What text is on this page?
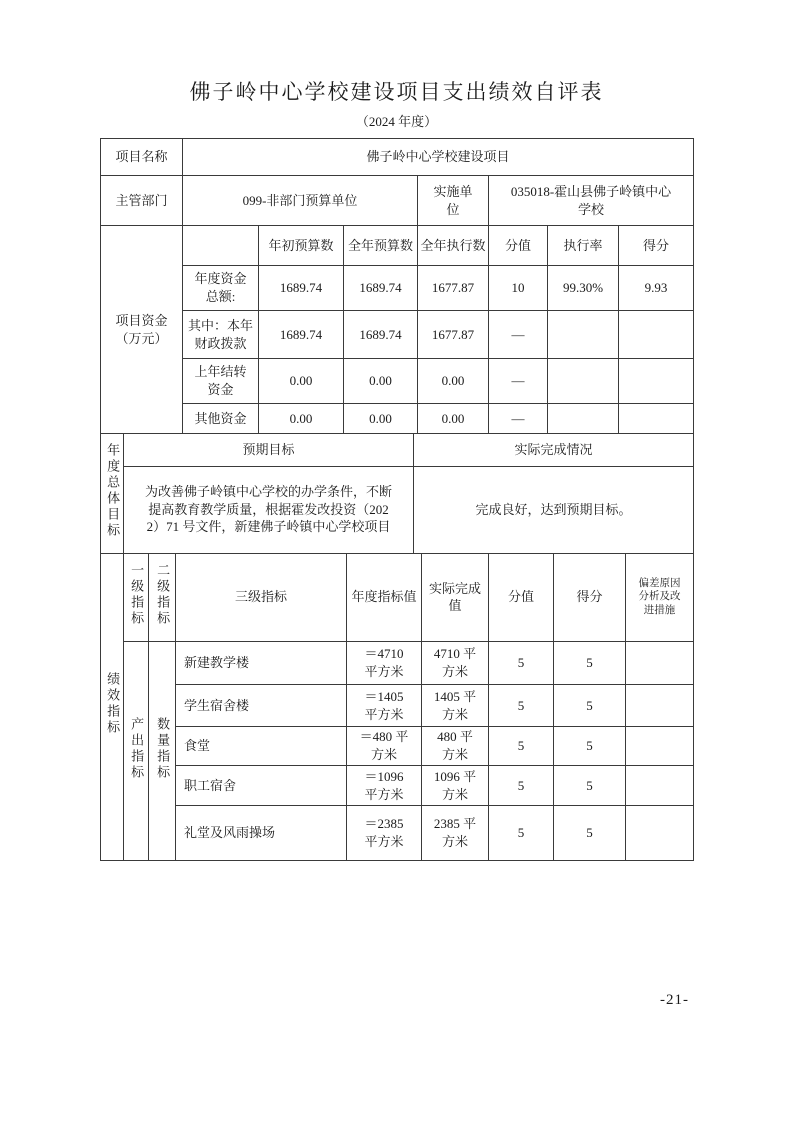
佛子岭中心学校建设项目支出绩效自评表
（2024 年度）
项目名称	佛子岭中心学校建设项目						
主管部门	099-非部门预算单位			实施单位	035018-霍山县佛子岭镇中心学校		
项目资金（万元）		年初预算数	全年预算数	全年执行数	分值	执行率	得分
	年度资金总额:	1689.74	1689.74	1677.87	10	99.30%	9.93
	其中：本年财政拨款	1689.74	1689.74	1677.87	—		
	上年结转资金	0.00	0.00	0.00	—		
	其他资金	0.00	0.00	0.00	—		
年度总体目标	预期目标	实际完成情况
	为改善佛子岭镇中心学校的办学条件，不断提高教育教学质量，根据霍发改投资（2022）71 号文件，新建佛子岭镇中心学校项目	完成良好，达到预期目标。
绩效指标	一级指标	二级指标	三级指标	年度指标值	实际完成值	分值	得分	偏差原因分析及改进措施
	产出指标	数量指标	新建教学楼	＝4710 平方米	4710 平方米	5	5	
			学生宿舍楼	＝1405 平方米	1405 平方米	5	5	
			食堂	＝480 平方米	480 平方米	5	5	
			职工宿舍	＝1096 平方米	1096 平方米	5	5	
			礼堂及风雨操场	＝2385 平方米	2385 平方米	5	5	
-21-
